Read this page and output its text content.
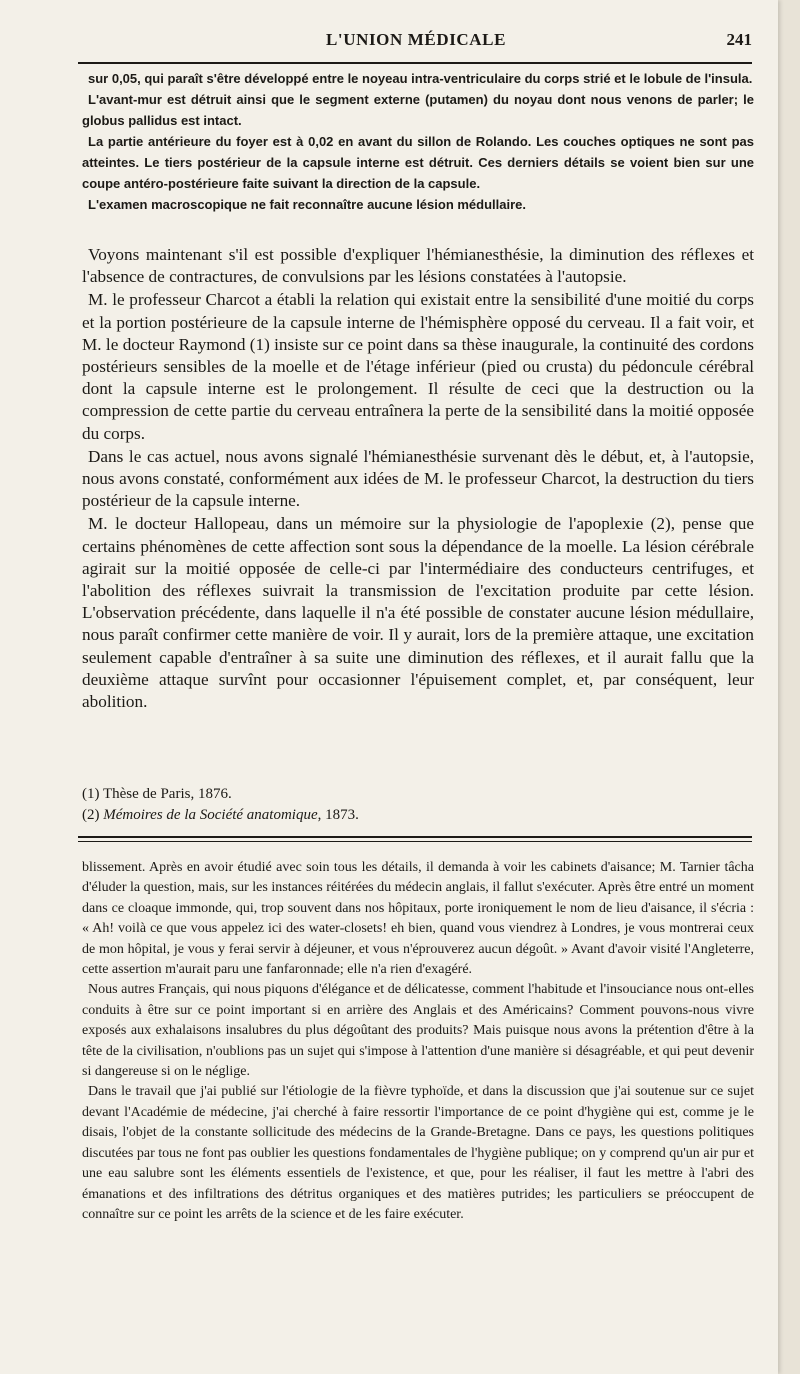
L'UNION MÉDICALE	241

sur 0,05, qui paraît s'être développé entre le noyeau intra-ventriculaire du corps strié et le lobule de l'insula.

L'avant-mur est détruit ainsi que le segment externe (putamen) du noyau dont nous venons de parler; le globus pallidus est intact.

La partie antérieure du foyer est à 0,02 en avant du sillon de Rolando. Les couches optiques ne sont pas atteintes. Le tiers postérieur de la capsule interne est détruit. Ces derniers détails se voient bien sur une coupe antéro-postérieure faite suivant la direction de la capsule.

L'examen macroscopique ne fait reconnaître aucune lésion médullaire.

Voyons maintenant s'il est possible d'expliquer l'hémianesthésie, la diminution des réflexes et l'absence de contractures, de convulsions par les lésions constatées à l'autopsie.

M. le professeur Charcot a établi la relation qui existait entre la sensibilité d'une moitié du corps et la portion postérieure de la capsule interne de l'hémisphère opposé du cerveau. Il a fait voir, et M. le docteur Raymond (1) insiste sur ce point dans sa thèse inaugurale, la continuité des cordons postérieurs sensibles de la moelle et de l'étage inférieur (pied ou crusta) du pédoncule cérébral dont la capsule interne est le prolongement. Il résulte de ceci que la destruction ou la compression de cette partie du cerveau entraînera la perte de la sensibilité dans la moitié opposée du corps.

Dans le cas actuel, nous avons signalé l'hémianesthésie survenant dès le début, et, à l'autopsie, nous avons constaté, conformément aux idées de M. le professeur Charcot, la destruction du tiers postérieur de la capsule interne.

M. le docteur Hallopeau, dans un mémoire sur la physiologie de l'apoplexie (2), pense que certains phénomènes de cette affection sont sous la dépendance de la moelle. La lésion cérébrale agirait sur la moitié opposée de celle-ci par l'intermédiaire des conducteurs centrifuges, et l'abolition des réflexes suivrait la transmission de l'excitation produite par cette lésion. L'observation précédente, dans laquelle il n'a été possible de constater aucune lésion médullaire, nous paraît confirmer cette manière de voir. Il y aurait, lors de la première attaque, une excitation seulement capable d'entraîner à sa suite une diminution des réflexes, et il aurait fallu que la deuxième attaque survînt pour occasionner l'épuisement complet, et, par conséquent, leur abolition.

(1) Thèse de Paris, 1876.

(2) Mémoires de la Société anatomique, 1873.

blissement. Après en avoir étudié avec soin tous les détails, il demanda à voir les cabinets d'aisance; M. Tarnier tâcha d'éluder la question, mais, sur les instances réitérées du médecin anglais, il fallut s'exécuter. Après être entré un moment dans ce cloaque immonde, qui, trop souvent dans nos hôpitaux, porte ironiquement le nom de lieu d'aisance, il s'écria : « Ah! voilà ce que vous appelez ici des water-closets! eh bien, quand vous viendrez à Londres, je vous montrerai ceux de mon hôpital, je vous y ferai servir à déjeuner, et vous n'éprouverez aucun dégoût. » Avant d'avoir visité l'Angleterre, cette assertion m'aurait paru une fanfaronnade; elle n'a rien d'exagéré.

Nous autres Français, qui nous piquons d'élégance et de délicatesse, comment l'habitude et l'insouciance nous ont-elles conduits à être sur ce point important si en arrière des Anglais et des Américains? Comment pouvons-nous vivre exposés aux exhalaisons insalubres du plus dégoûtant des produits? Mais puisque nous avons la prétention d'être à la tête de la civilisation, n'oublions pas un sujet qui s'impose à l'attention d'une manière si désagréable, et qui peut devenir si dangereuse si on le néglige.

Dans le travail que j'ai publié sur l'étiologie de la fièvre typhoïde, et dans la discussion que j'ai soutenue sur ce sujet devant l'Académie de médecine, j'ai cherché à faire ressortir l'importance de ce point d'hygiène qui est, comme je le disais, l'objet de la constante sollicitude des médecins de la Grande-Bretagne. Dans ce pays, les questions politiques discutées par tous ne font pas oublier les questions fondamentales de l'hygiène publique; on y comprend qu'un air pur et une eau salubre sont les éléments essentiels de l'existence, et que, pour les réaliser, il faut les mettre à l'abri des émanations et des infiltrations des détritus organiques et des matières putrides; les particuliers se préoccupent de connaître sur ce point les arrêts de la science et de les faire exécuter.
